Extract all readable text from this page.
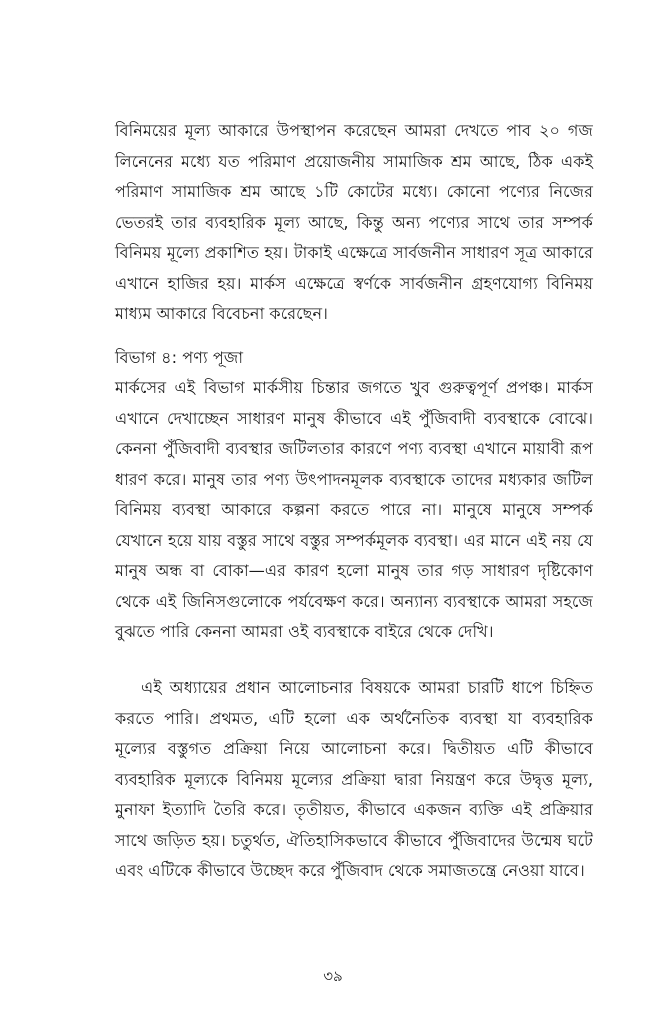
বিনিময়ের মূল্য আকারে উপস্থাপন করেছেন আমরা দেখতে পাব ২০ গজ লিনেনের মধ্যে যত পরিমাণ প্রয়োজনীয় সামাজিক শ্রম আছে, ঠিক একই পরিমাণ সামাজিক শ্রম আছে ১টি কোটের মধ্যে। কোনো পণ্যের নিজের ভেতরই তার ব্যবহারিক মূল্য আছে, কিন্তু অন্য পণ্যের সাথে তার সম্পর্ক বিনিময় মূল্যে প্রকাশিত হয়। টাকাই এক্ষেত্রে সার্বজনীন সাধারণ সূত্র আকারে এখানে হাজির হয়। মার্কস এক্ষেত্রে স্বর্ণকে সার্বজনীন গ্রহণযোগ্য বিনিময় মাধ্যম আকারে বিবেচনা করেছেন।

বিভাগ ৪: পণ্য পূজা

মার্কসের এই বিভাগ মার্কসীয় চিন্তার জগতে খুব গুরুত্বপূর্ণ প্রপঞ্চ। মার্কস এখানে দেখাচ্ছেন সাধারণ মানুষ কীভাবে এই পুঁজিবাদী ব্যবস্থাকে বোঝে। কেননা পুঁজিবাদী ব্যবস্থার জটিলতার কারণে পণ্য ব্যবস্থা এখানে মায়াবী রূপ ধারণ করে। মানুষ তার পণ্য উৎপাদনমূলক ব্যবস্থাকে তাদের মধ্যকার জটিল বিনিময় ব্যবস্থা আকারে কল্পনা করতে পারে না। মানুষে মানুষে সম্পর্ক যেখানে হয়ে যায় বস্তুর সাথে বস্তুর সম্পর্কমূলক ব্যবস্থা। এর মানে এই নয় যে মানুষ অন্ধ বা বোকা—এর কারণ হলো মানুষ তার গড় সাধারণ দৃষ্টিকোণ থেকে এই জিনিসগুলোকে পর্যবেক্ষণ করে। অন্যান্য ব্যবস্থাকে আমরা সহজে বুঝতে পারি কেননা আমরা ওই ব্যবস্থাকে বাইরে থেকে দেখি।

এই অধ্যায়ের প্রধান আলোচনার বিষয়কে আমরা চারটি ধাপে চিহ্নিত করতে পারি। প্রথমত, এটি হলো এক অর্থনৈতিক ব্যবস্থা যা ব্যবহারিক মূল্যের বস্তুগত প্রক্রিয়া নিয়ে আলোচনা করে। দ্বিতীয়ত এটি কীভাবে ব্যবহারিক মূল্যকে বিনিময় মূল্যের প্রক্রিয়া দ্বারা নিয়ন্ত্রণ করে উদ্বৃত্ত মূল্য, মুনাফা ইত্যাদি তৈরি করে। তৃতীয়ত, কীভাবে একজন ব্যক্তি এই প্রক্রিয়ার সাথে জড়িত হয়। চতুর্থত, ঐতিহাসিকভাবে কীভাবে পুঁজিবাদের উন্মেষ ঘটে এবং এটিকে কীভাবে উচ্ছেদ করে পুঁজিবাদ থেকে সমাজতন্ত্রে নেওয়া যাবে।

৩৯
